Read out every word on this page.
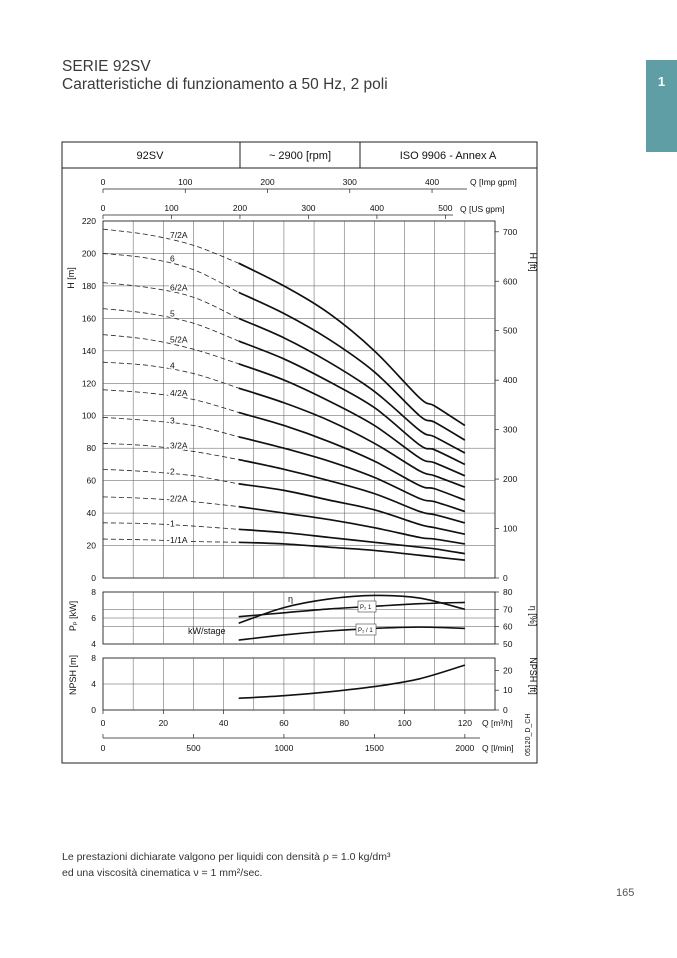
SERIE 92SV
Caratteristiche di funzionamento a 50 Hz, 2 poli	1
92SV	~ 2900 [rpm]	ISO 9906 - Annex A
Q [Imp gpm]
Q [US gpm]
0	100	200	300	400
0	100	200	300	400	500
0
20
40
60
80
100
120
140
160
180
200
220
0
100
200
300
400
500
600
700
7/2A
6
6/2A
5
5/2A
4
4/2A
3
3/2A
2
2/2A
1
1/1A
H [m]
H [ft]
4
6
8
50
60
70
80
Pₚ [kW]	η [%]
η
P₂ 1
P₂ / 1
kW/stage
0
4
8
0
10
20
NPSH [m]	NPSH [ft]
0	20	40	60	80	100	120 Q [m³/h]
0	500	1000	1500	2000 Q [l/min] 05120_D_CH
Le prestazioni dichiarate valgono per liquidi con densità ρ = 1.0 kg/dm³
ed una viscosità cinematica ν = 1 mm²/sec.
165
